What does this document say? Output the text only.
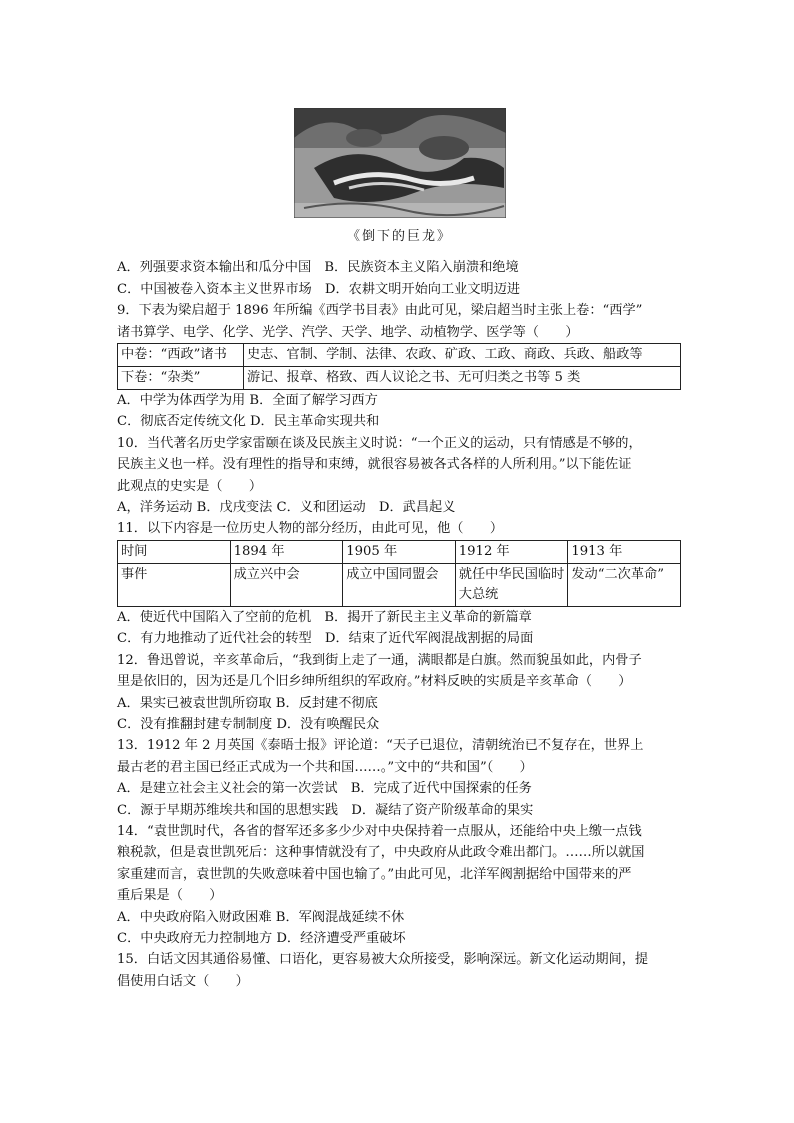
《倒下的巨龙》
A．列强要求资本输出和瓜分中国　B．民族资本主义陷入崩溃和绝境
C．中国被卷入资本主义世界市场　D．农耕文明开始向工业文明迈进
9．下表为梁启超于 1896 年所编《西学书目表》由此可见，梁启超当时主张上卷：“西学”
诸书算学、电学、化学、光学、汽学、天学、地学、动植物学、医学等（　　）
中卷：“西政”诸书	史志、官制、学制、法律、农政、矿政、工政、商政、兵政、船政等
下卷：“杂类”	游记、报章、格致、西人议论之书、无可归类之书等 5 类
A．中学为体西学为用 B．全面了解学习西方
C．彻底否定传统文化 D．民主革命实现共和
10．当代著名历史学家雷颐在谈及民族主义时说：“一个正义的运动，只有情感是不够的，
民族主义也一样。没有理性的指导和束缚，就很容易被各式各样的人所利用。”以下能佐证
此观点的史实是（　　）
A，洋务运动 B．戊戌变法 C．义和团运动　D．武昌起义
11．以下内容是一位历史人物的部分经历，由此可见，他（　　）
时间	1894 年	1905 年	1912 年	1913 年
事件	成立兴中会	成立中国同盟会	就任中华民国临时大总统	发动“二次革命”
A．使近代中国陷入了空前的危机　B．揭开了新民主主义革命的新篇章
C．有力地推动了近代社会的转型　D．结束了近代军阀混战割据的局面
12．鲁迅曾说，辛亥革命后，“我到街上走了一通，满眼都是白旗。然而貌虽如此，内骨子
里是依旧的，因为还是几个旧乡绅所组织的军政府。”材料反映的实质是辛亥革命（　　）
A．果实已被袁世凯所窃取 B．反封建不彻底
C．没有推翻封建专制制度 D．没有唤醒民众
13．1912 年 2 月英国《泰晤士报》评论道：“天子已退位，清朝统治已不复存在，世界上
最古老的君主国已经正式成为一个共和国……。”文中的“共和国”（　　）
A．是建立社会主义社会的第一次尝试　B．完成了近代中国探索的任务
C．源于早期苏维埃共和国的思想实践　D．凝结了资产阶级革命的果实
14．“袁世凯时代，各省的督军还多多少少对中央保持着一点服从，还能给中央上缴一点钱
粮税款，但是袁世凯死后：这种事情就没有了，中央政府从此政令难出都门。……所以就国
家重建而言，袁世凯的失败意味着中国也输了。”由此可见，北洋军阀割据给中国带来的严
重后果是（　　）
A．中央政府陷入财政困难 B．军阀混战延续不休
C．中央政府无力控制地方 D．经济遭受严重破坏
15．白话文因其通俗易懂、口语化，更容易被大众所接受，影响深远。新文化运动期间，提
倡使用白话文（　　）
